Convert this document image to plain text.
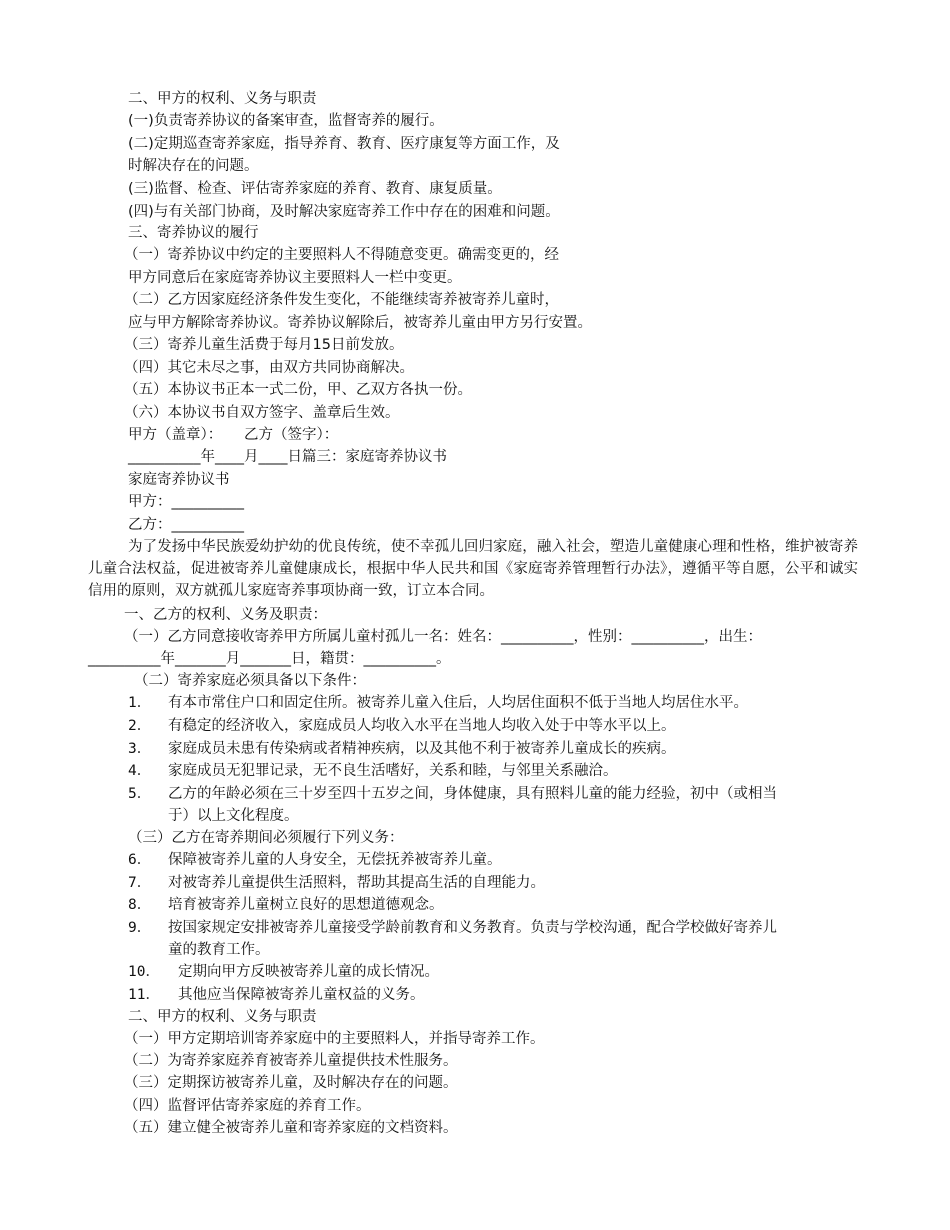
二、甲方的权利、义务与职责
(一)负责寄养协议的备案审查，监督寄养的履行。
(二)定期巡查寄养家庭，指导养育、教育、医疗康复等方面工作，及
时解决存在的问题。
(三)监督、检查、评估寄养家庭的养育、教育、康复质量。
(四)与有关部门协商，及时解决家庭寄养工作中存在的困难和问题。
三、寄养协议的履行
（一）寄养协议中约定的主要照料人不得随意变更。确需变更的，经
甲方同意后在家庭寄养协议主要照料人一栏中变更。
（二）乙方因家庭经济条件发生变化，不能继续寄养被寄养儿童时，
应与甲方解除寄养协议。寄养协议解除后，被寄养儿童由甲方另行安置。
（三）寄养儿童生活费于每月15日前发放。
（四）其它未尽之事，由双方共同协商解决。
（五）本协议书正本一式二份，甲、乙双方各执一份。
（六）本协议书自双方签字、盖章后生效。
甲方（盖章）：　　乙方（签字）：
__________年____月____日篇三：家庭寄养协议书
家庭寄养协议书
甲方：__________
乙方：__________
为了发扬中华民族爱幼护幼的优良传统，使不幸孤儿回归家庭，融入社会，塑造儿童健康心理和性格，维护被寄养儿童合法权益，促进被寄养儿童健康成长，根据中华人民共和国《家庭寄养管理暂行办法》，遵循平等自愿，公平和诚实信用的原则，双方就孤儿家庭寄养事项协商一致，订立本合同。
一、乙方的权利、义务及职责：
（一）乙方同意接收寄养甲方所属儿童村孤儿一名：姓名：__________，性别：__________，出生：
__________年_______月_______日，籍贯：__________。
（二）寄养家庭必须具备以下条件：
1． 有本市常住户口和固定住所。被寄养儿童入住后，人均居住面积不低于当地人均居住水平。
2． 有稳定的经济收入，家庭成员人均收入水平在当地人均收入处于中等水平以上。
3． 家庭成员未患有传染病或者精神疾病，以及其他不利于被寄养儿童成长的疾病。
4． 家庭成员无犯罪记录，无不良生活嗜好，关系和睦，与邻里关系融洽。
5． 乙方的年龄必须在三十岁至四十五岁之间，身体健康，具有照料儿童的能力经验，初中（或相当
于）以上文化程度。
（三）乙方在寄养期间必须履行下列义务：
6． 保障被寄养儿童的人身安全，无偿抚养被寄养儿童。
7． 对被寄养儿童提供生活照料，帮助其提高生活的自理能力。
8． 培育被寄养儿童树立良好的思想道德观念。
9． 按国家规定安排被寄养儿童接受学龄前教育和义务教育。负责与学校沟通，配合学校做好寄养儿
童的教育工作。
10． 定期向甲方反映被寄养儿童的成长情况。
11． 其他应当保障被寄养儿童权益的义务。
二、甲方的权利、义务与职责
（一）甲方定期培训寄养家庭中的主要照料人，并指导寄养工作。
（二）为寄养家庭养育被寄养儿童提供技术性服务。
（三）定期探访被寄养儿童，及时解决存在的问题。
（四）监督评估寄养家庭的养育工作。
（五）建立健全被寄养儿童和寄养家庭的文档资料。
